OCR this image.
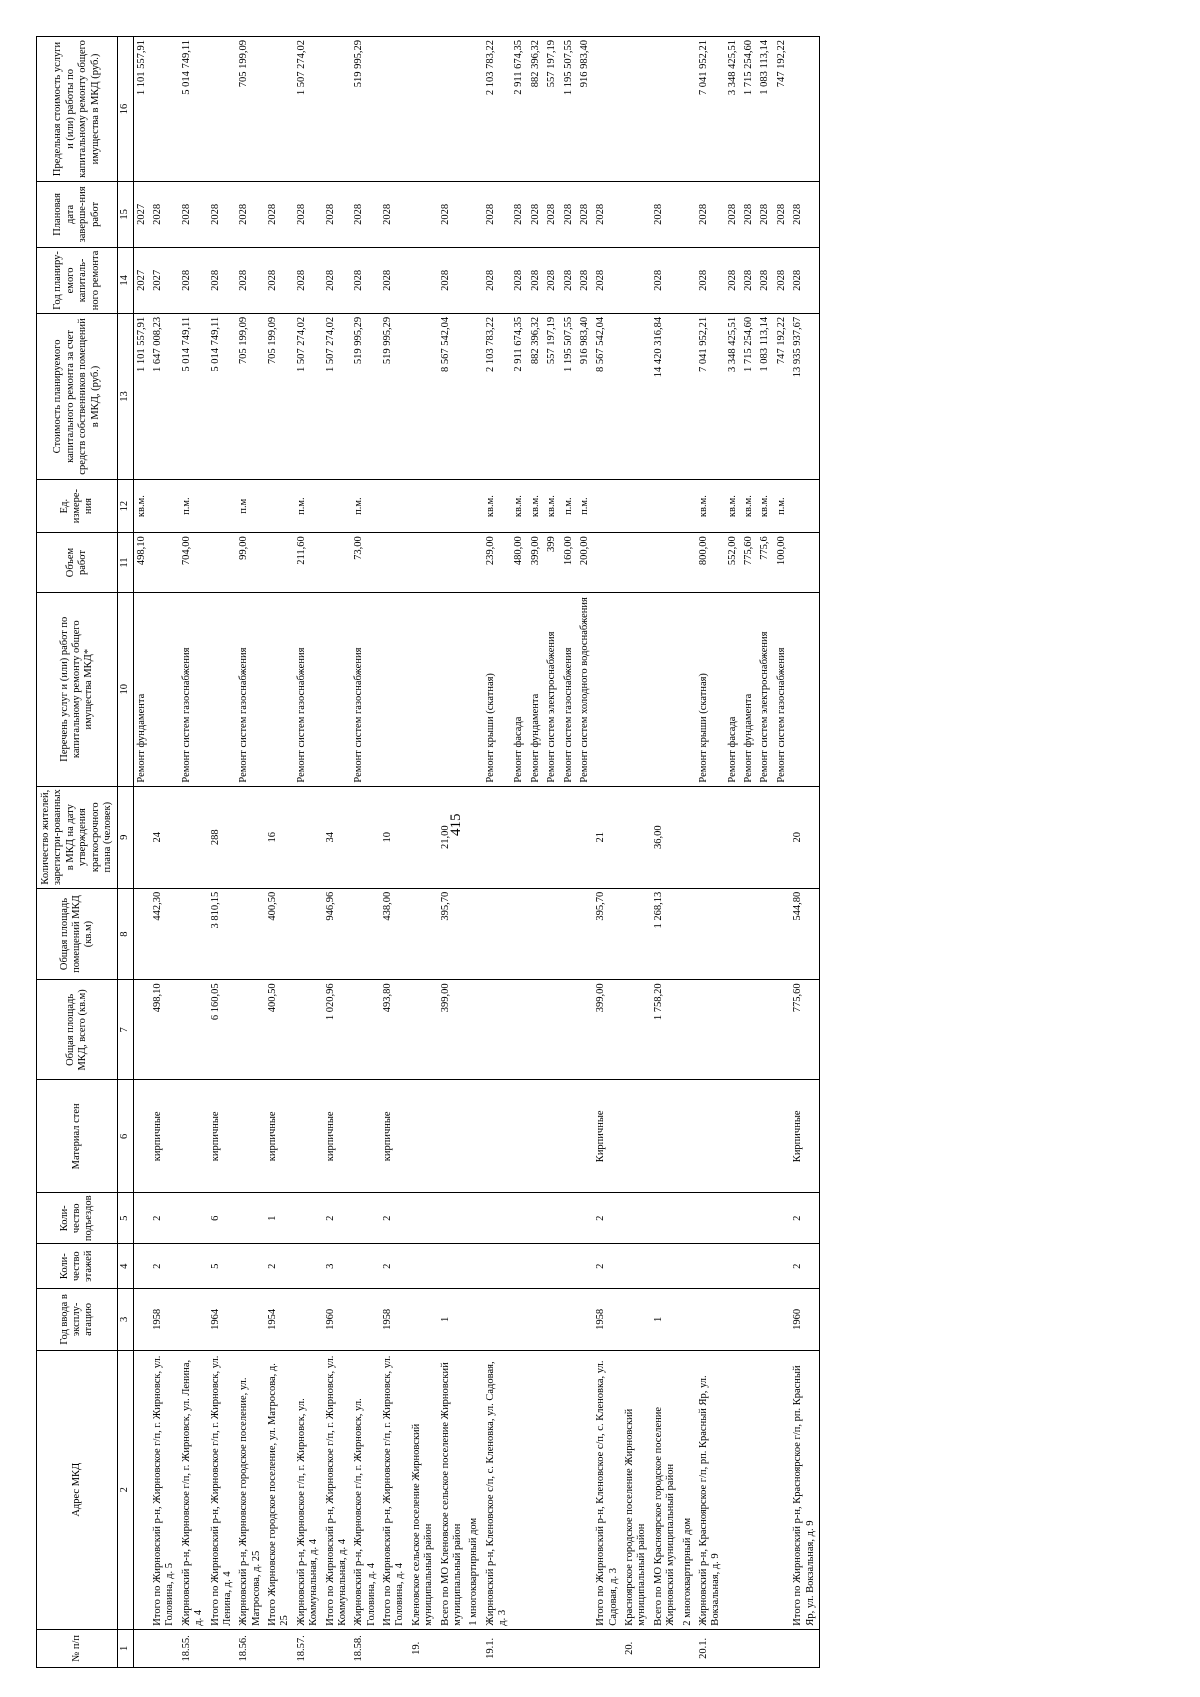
415
№ п/п	Адрес МКД	Год ввода в эксплу-атацию	Коли-чество этажей	Коли-чество подъездов	Материал стен	Общая площадь МКД, всего (кв.м)	Общая площадь помещений МКД (кв.м)	Количество жителей, зарегистри-рованных в МКД на дату утверждения краткосрочного плана (человек)	Перечень услуг и (или) работ по капитальному ремонту общего имущества МКД*	Объем работ	Ед. измере-ния	Стоимость планируемого капитального ремонта за счет средств собственников помещений в МКД, (руб.)	Год планиру-емого капиталь-ного ремонта	Плановая дата заверше-ния работ	Предельная стоимость услуги и (или) работы по капитальному ремонту общего имущества в МКД (руб.)
1	2	3	4	5	6	7	8	9	10	11	12	13	14	15	16
									Ремонт фундамента	498,10	кв.м.	1 101 557,91	2027	2027	1 101 557,91
	Итого по Жирновский р-н, Жирновское г/п, г. Жирновск, ул. Головина, д. 5	1958	2	2	кирпичные	498,10	442,30	24				1 647 008,23	2027	2028	
18.55.	Жирновский р-н, Жирновское г/п, г. Жирновск, ул. Ленина, д. 4								Ремонт систем газоснабжения	704,00	п.м.	5 014 749,11	2028	2028	5 014 749,11
	Итого по Жирновский р-н, Жирновское г/п, г. Жирновск, ул. Ленина, д. 4	1964	5	6	кирпичные	6 160,05	3 810,15	288				5 014 749,11	2028	2028	
18.56.	Жирновский р-н, Жирновское городское поселение, ул. Матросова, д. 25								Ремонт систем газоснабжения	99,00	п.м	705 199,09	2028	2028	705 199,09
	Итого Жирновское городское поселение, ул. Матросова, д. 25	1954	2	1	кирпичные	400,50	400,50	16				705 199,09	2028	2028	
18.57.	Жирновский р-н, Жирновское г/п, г. Жирновск, ул. Коммунальная, д. 4								Ремонт систем газоснабжения	211,60	п.м.	1 507 274,02	2028	2028	1 507 274,02
	Итого по Жирновский р-н, Жирновское г/п, г. Жирновск, ул. Коммунальная, д. 4	1960	3	2	кирпичные	1 020,96	946,96	34				1 507 274,02	2028	2028	
18.58.	Жирновский р-н, Жирновское г/п, г. Жирновск, ул. Головина, д. 4								Ремонт систем газоснабжения	73,00	п.м.	519 995,29	2028	2028	519 995,29
	Итого по Жирновский р-н, Жирновское г/п, г. Жирновск, ул. Головина, д. 4	1958	2	2	кирпичные	493,80	438,00	10				519 995,29	2028	2028	
19.	Кленовское сельское поселение Жирновский муниципальный район														
	Всего по МО Кленовское сельское поселение Жирновский муниципальный район	1				399,00	395,70	21,00				8 567 542,04	2028	2028	
	1 многоквартирный дом														
19.1.	Жирновский р-н, Кленовское с/п, с. Кленовка, ул. Садовая, д. 3								Ремонт крыши (скатная)	239,00	кв.м.	2 103 783,22	2028	2028	2 103 783,22
									Ремонт фасада	480,00	кв.м.	2 911 674,35	2028	2028	2 911 674,35
									Ремонт фундамента	399,00	кв.м.	882 396,32	2028	2028	882 396,32
									Ремонт систем электроснабжения	399	кв.м.	557 197,19	2028	2028	557 197,19
									Ремонт систем газоснабжения	160,00	п.м.	1 195 507,55	2028	2028	1 195 507,55
									Ремонт систем холодного водоснабжения	200,00	п.м.	916 983,40	2028	2028	916 983,40
	Итого по Жирновский р-н, Кленовское с/п, с. Кленовка, ул. Садовая, д. 3	1958	2	2	Кирпичные	399,00	395,70	21				8 567 542,04	2028	2028	
20.	Красноярское городское поселение Жирновский муниципальный район														
	Всего по МО Красноярское городское поселение Жирновский муниципальный район	1				1 758,20	1 268,13	36,00				14 420 316,84	2028	2028	
	2 многоквартирный дом														
20.1.	Жирновский р-н, Красноярское г/п, рп. Красный Яр, ул. Вокзальная, д. 9								Ремонт крыши (скатная)	800,00	кв.м.	7 041 952,21	2028	2028	7 041 952,21
									Ремонт фасада	552,00	кв.м.	3 348 425,51	2028	2028	3 348 425,51
									Ремонт фундамента	775,60	кв.м.	1 715 254,60	2028	2028	1 715 254,60
									Ремонт систем электроснабжения	775,6	кв.м.	1 083 113,14	2028	2028	1 083 113,14
									Ремонт систем газоснабжения	100,00	п.м.	747 192,22	2028	2028	747 192,22
	Итого по Жирновский р-н, Красноярское г/п, рп. Красный Яр, ул. Вокзальная, д. 9	1960	2	2	Кирпичные	775,60	544,80	20				13 935 937,67	2028	2028	
